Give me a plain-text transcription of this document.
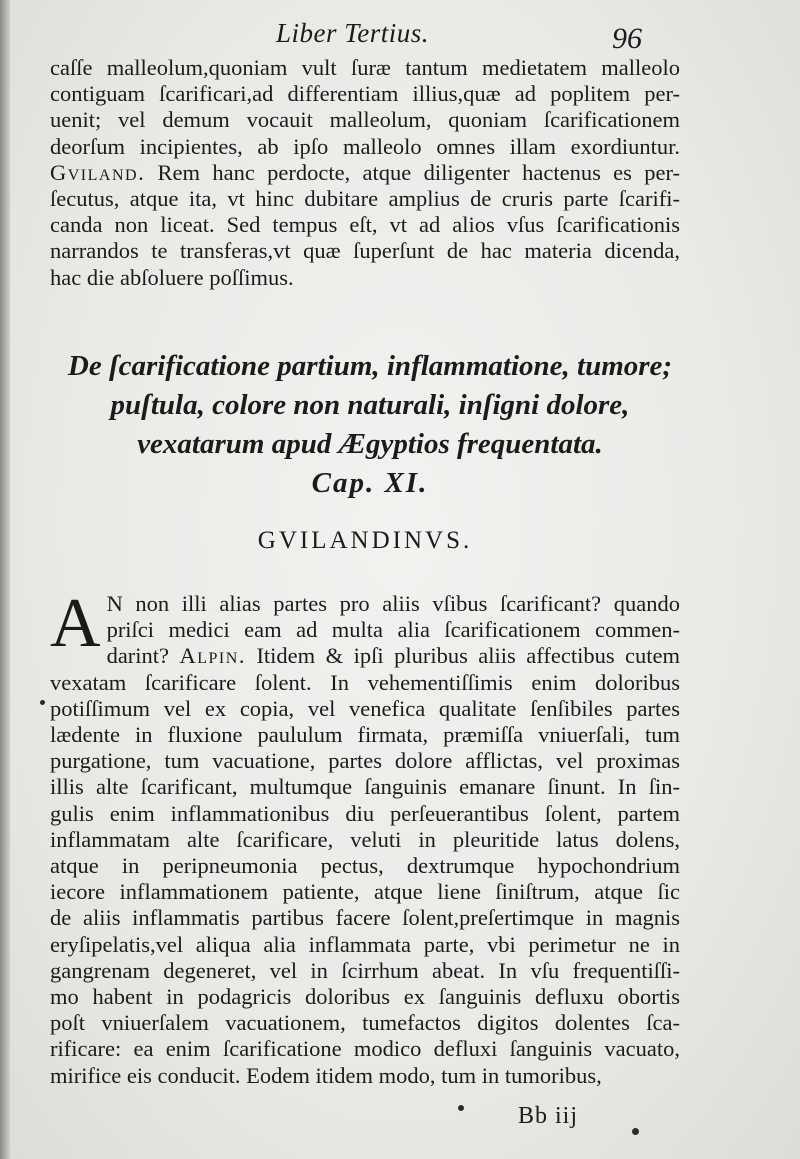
Liber Tertius.	96

caſſe malleolum,quoniam vult ſuræ tantum medietatem malleolo
contiguam ſcarificari,ad differentiam illius,quæ ad poplitem per-
uenit; vel demum vocauit malleolum, quoniam ſcarificationem
deorſum incipientes, ab ipſo malleolo omnes illam exordiuntur.
Gviland. Rem hanc perdocte, atque diligenter hactenus es per-
ſecutus, atque ita, vt hinc dubitare amplius de cruris parte ſcarifi-
canda non liceat. Sed tempus eſt, vt ad alios vſus ſcarificationis
narrandos te transferas,vt quæ ſuperſunt de hac materia dicenda,
hac die abſoluere poſſimus.

De ſcarificatione partium, inflammatione, tumore;
puſtula, colore non naturali, inſigni dolore,
vexatarum apud Ægyptios frequentata.
Cap. XI.
GVILANDINVS.

A N non illi alias partes pro aliis vſibus ſcarificant? quando
priſci medici eam ad multa alia ſcarificationem commen-
darint? Alpin. Itidem & ipſi pluribus aliis affectibus cutem
vexatam ſcarificare ſolent. In vehementiſſimis enim doloribus
potiſſimum vel ex copia, vel venefica qualitate ſenſibiles partes
lædente in fluxione paululum firmata, præmiſſa vniuerſali, tum
purgatione, tum vacuatione, partes dolore afflictas, vel proximas
illis alte ſcarificant, multumque ſanguinis emanare ſinunt. In ſin-
gulis enim inflammationibus diu perſeuerantibus ſolent, partem
inflammatam alte ſcarificare, veluti in pleuritide latus dolens,
atque in peripneumonia pectus, dextrumque hypochondrium
iecore inflammationem patiente, atque liene ſiniſtrum, atque ſic
de aliis inflammatis partibus facere ſolent,preſertimque in magnis
eryſipelatis,vel aliqua alia inflammata parte, vbi perimetur ne in
gangrenam degeneret, vel in ſcirrhum abeat. In vſu frequentiſſi-
mo habent in podagricis doloribus ex ſanguinis defluxu obortis
poſt vniuerſalem vacuationem, tumefactos digitos dolentes ſca-
rificare: ea enim ſcarificatione modico defluxi ſanguinis vacuato,
mirifice eis conducit. Eodem itidem modo, tum in tumoribus,

Bb iij
